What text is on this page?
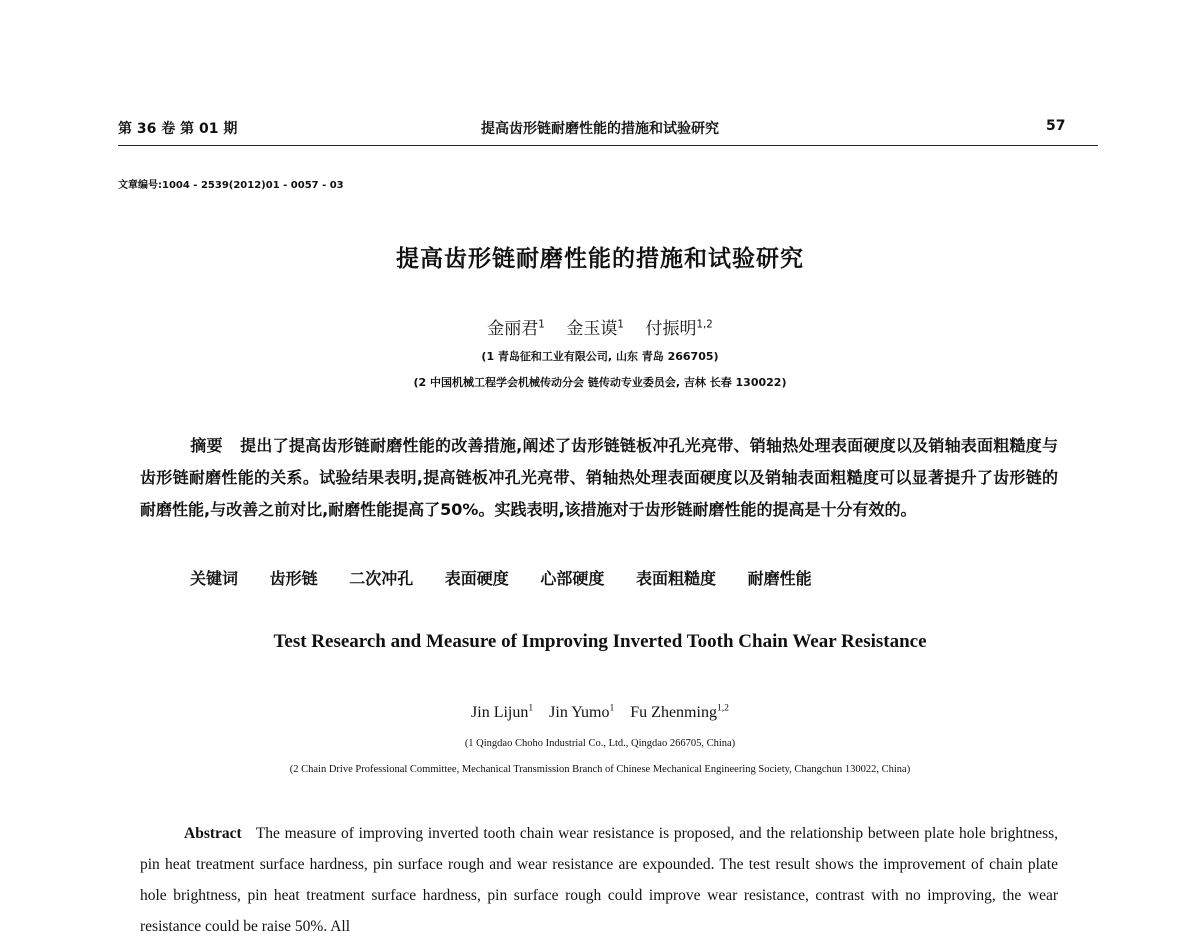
第 36 卷 第 01 期	提高齿形链耐磨性能的措施和试验研究	57
文章编号:1004 - 2539(2012)01 - 0057 - 03
提高齿形链耐磨性能的措施和试验研究
金丽君$^1$ 金玉谟$^1$ 付振明$^{1,2}$
(1 青岛征和工业有限公司, 山东 青岛 266705)
(2 中国机械工程学会机械传动分会 链传动专业委员会, 吉林 长春 130022)
摘要 提出了提高齿形链耐磨性能的改善措施,阐述了齿形链链板冲孔光亮带、销轴热处理表面硬度以及销轴表面粗糙度与齿形链耐磨性能的关系。试验结果表明,提高链板冲孔光亮带、销轴热处理表面硬度以及销轴表面粗糙度可以显著提升了齿形链的耐磨性能,与改善之前对比,耐磨性能提高了50%。实践表明,该措施对于齿形链耐磨性能的提高是十分有效的。
关键词 齿形链 二次冲孔 表面硬度 心部硬度 表面粗糙度 耐磨性能
Test Research and Measure of Improving Inverted Tooth Chain Wear Resistance
Jin Lijun$^1$ Jin Yumo$^1$ Fu Zhenming$^{1,2}$
(1 Qingdao Choho Industrial Co., Ltd., Qingdao 266705, China)
(2 Chain Drive Professional Committee, Mechanical Transmission Branch of Chinese Mechanical Engineering Society, Changchun 130022, China)
Abstract The measure of improving inverted tooth chain wear resistance is proposed, and the relationship between plate hole brightness, pin heat treatment surface hardness, pin surface rough and wear resistance are expounded. The test result shows the improvement of chain plate hole brightness, pin heat treatment surface hardness, pin surface rough could improve wear resistance, contrast with no improving, the wear resistance could be raise 50%. All
